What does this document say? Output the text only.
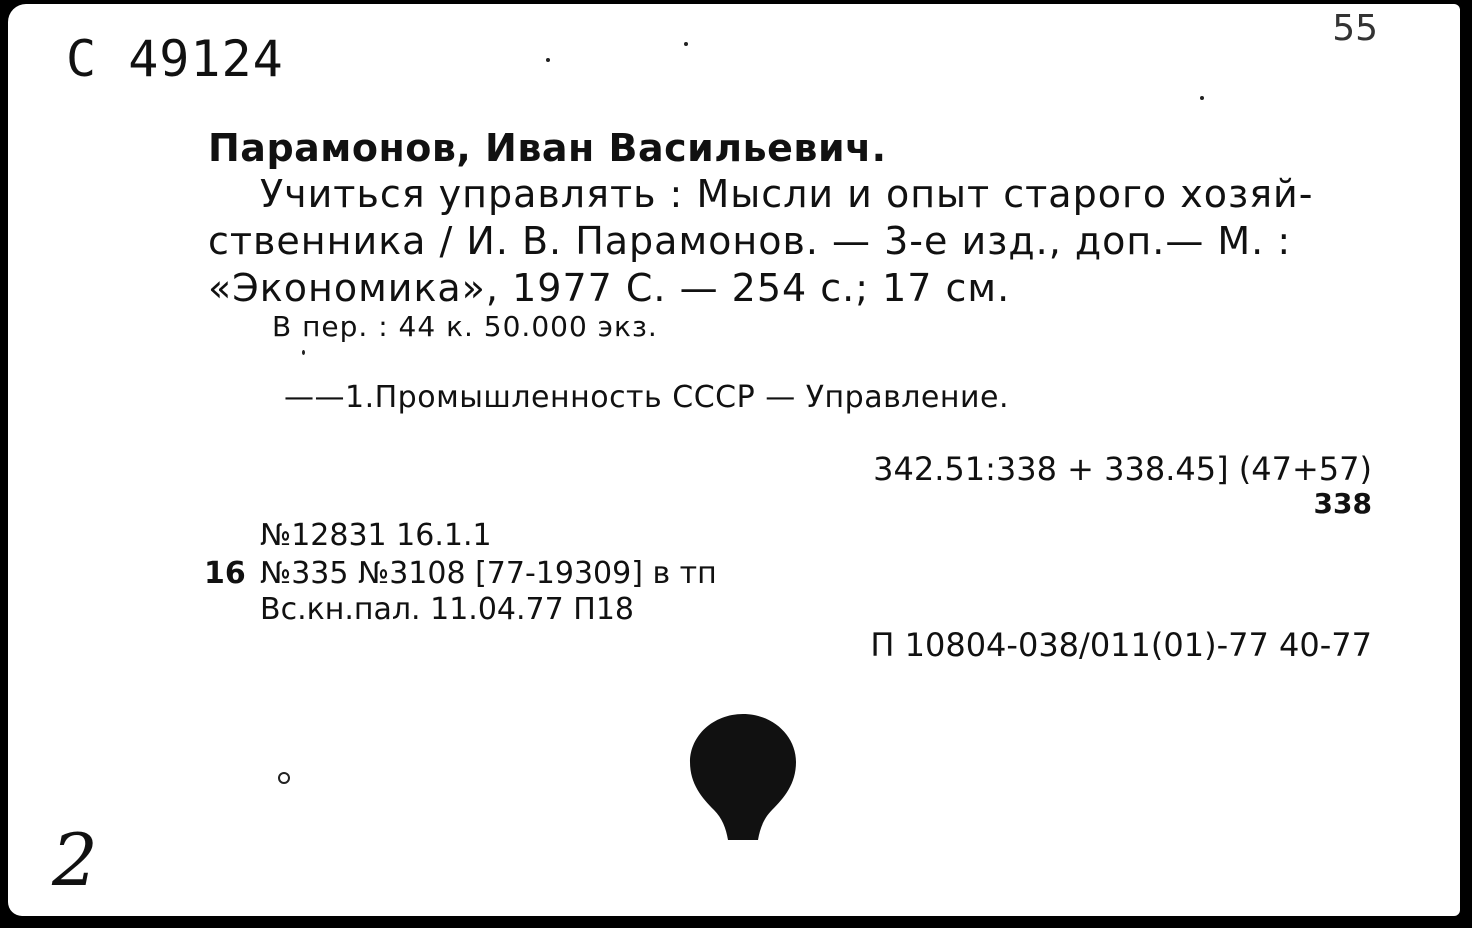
С 49124
55
Парамонов, Иван Васильевич.
Учиться управлять : Мысли и опыт старого хозяй-
ственника / И. В. Парамонов. — 3-е изд., доп.— М. :
«Экономика», 1977 С. — 254 с.; 17 см.
В пер. : 44 к. 50.000 экз.
——1.Промышленность СССР — Управление.
342.51:338 + 338.45] (47+57)
338
№12831 16.1.1
16 №335 №3108 [77-19309] в тп
Вс.кн.пал. 11.04.77 П18
П 10804-038/011(01)-77 40-77
2
